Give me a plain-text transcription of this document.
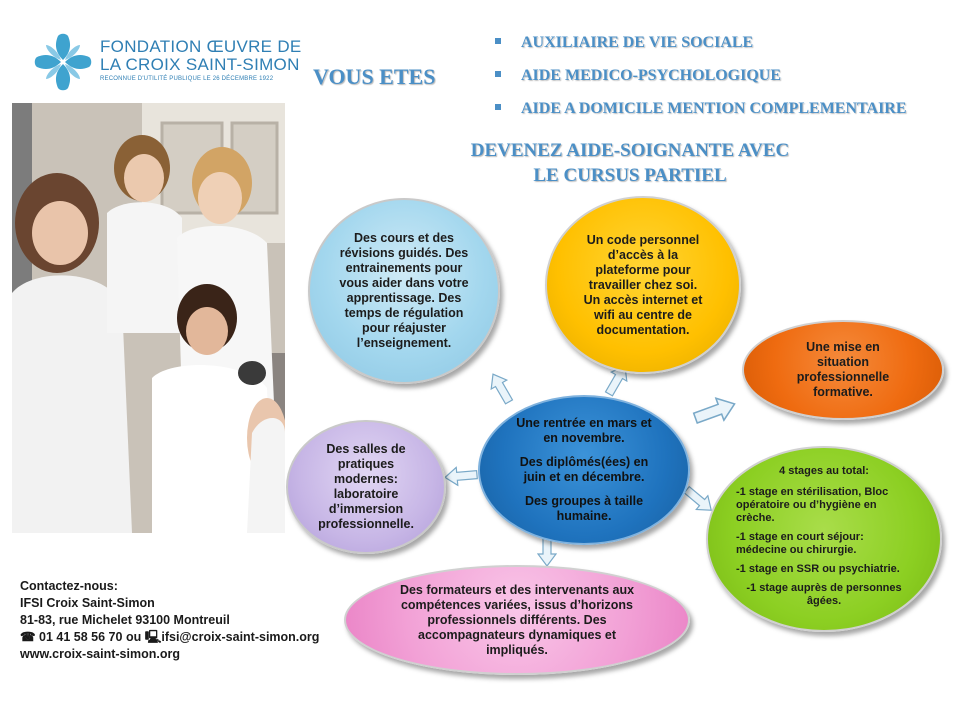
FONDATION ŒUVRE DE
LA CROIX SAINT-SIMON
RECONNUE D'UTILITÉ PUBLIQUE LE 26 DÉCEMBRE 1922 VOUS ETES
AUXILIAIRE DE VIE SOCIALE
AIDE MEDICO-PSYCHOLOGIQUE
AIDE A DOMICILE MENTION COMPLEMENTAIRE
DEVENEZ AIDE-SOIGNANTE AVEC
LE CURSUS PARTIEL
Des cours et des révisions guidés. Des entrainements pour vous aider dans votre apprentissage. Des temps de régulation pour réajuster l’enseignement.
Un code personnel d’accès à la plateforme pour travailler chez soi. Un accès internet et wifi au centre de documentation.
Une mise en situation professionnelle formative.

Une rentrée en mars et en novembre.

Des diplômés(ées) en juin et en décembre.

Des groupes à taille humaine.

Des salles de pratiques modernes: laboratoire d’immersion professionnelle.
4 stages au total:
-1 stage en stérilisation, Bloc opératoire ou d’hygiène en crèche.
-1 stage en court séjour: médecine ou chirurgie.
-1 stage en SSR ou psychiatrie.
-1 stage auprès de personnes âgées.
Des formateurs et des intervenants aux compétences variées, issus d’horizons professionnels différents. Des accompagnateurs dynamiques et impliqués.
Contactez-nous:
IFSI Croix Saint-Simon
81-83, rue Michelet 93100 Montreuil
☎ 01 41 58 56 70 ou 🖳ifsi@croix-saint-simon.org
www.croix-saint-simon.org
